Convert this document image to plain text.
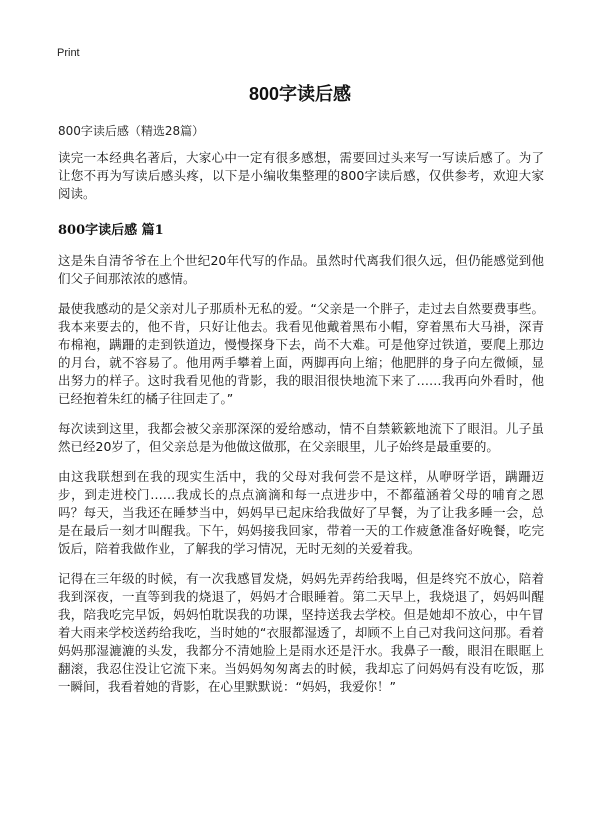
Print
800字读后感
800字读后感（精选28篇）

读完一本经典名著后，大家心中一定有很多感想，需要回过头来写一写读后感了。为了让您不再为写读后感头疼，以下是小编收集整理的800字读后感，仅供参考，欢迎大家阅读。

800字读后感 篇1

这是朱自清爷爷在上个世纪20年代写的作品。虽然时代离我们很久远，但仍能感觉到他们父子间那浓浓的感情。

最使我感动的是父亲对儿子那质朴无私的爱。“父亲是一个胖子，走过去自然要费事些。我本来要去的，他不肯，只好让他去。我看见他戴着黑布小帽，穿着黑布大马褂，深青布棉袍，蹒跚的走到铁道边，慢慢探身下去，尚不大难。可是他穿过铁道，要爬上那边的月台，就不容易了。他用两手攀着上面，两脚再向上缩；他肥胖的身子向左微倾，显出努力的样子。这时我看见他的背影，我的眼泪很快地流下来了……我再向外看时，他已经抱着朱红的橘子往回走了。”

每次读到这里，我都会被父亲那深深的爱给感动，情不自禁簌簌地流下了眼泪。儿子虽然已经20岁了，但父亲总是为他做这做那，在父亲眼里，儿子始终是最重要的。

由这我联想到在我的现实生活中，我的父母对我何尝不是这样，从咿呀学语，蹒跚迈步，到走进校门……我成长的点点滴滴和每一点进步中，不都蕴涵着父母的哺育之恩吗？每天，当我还在睡梦当中，妈妈早已起床给我做好了早餐，为了让我多睡一会，总是在最后一刻才叫醒我。下午，妈妈接我回家，带着一天的工作疲惫准备好晚餐，吃完饭后，陪着我做作业，了解我的学习情况，无时无刻的关爱着我。

记得在三年级的时候，有一次我感冒发烧，妈妈先弄药给我喝，但是终究不放心，陪着我到深夜，一直等到我的烧退了，妈妈才合眼睡着。第二天早上，我烧退了，妈妈叫醒我，陪我吃完早饭，妈妈怕耽误我的功课，坚持送我去学校。但是她却不放心，中午冒着大雨来学校送药给我吃，当时她的“衣服都湿透了，却顾不上自己对我问这问那。看着妈妈那湿漉漉的头发，我都分不清她脸上是雨水还是汗水。我鼻子一酸，眼泪在眼眶上翻滚，我忍住没让它流下来。当妈妈匆匆离去的时候，我却忘了问妈妈有没有吃饭，那一瞬间，我看着她的背影，在心里默默说：“妈妈，我爱你！”
